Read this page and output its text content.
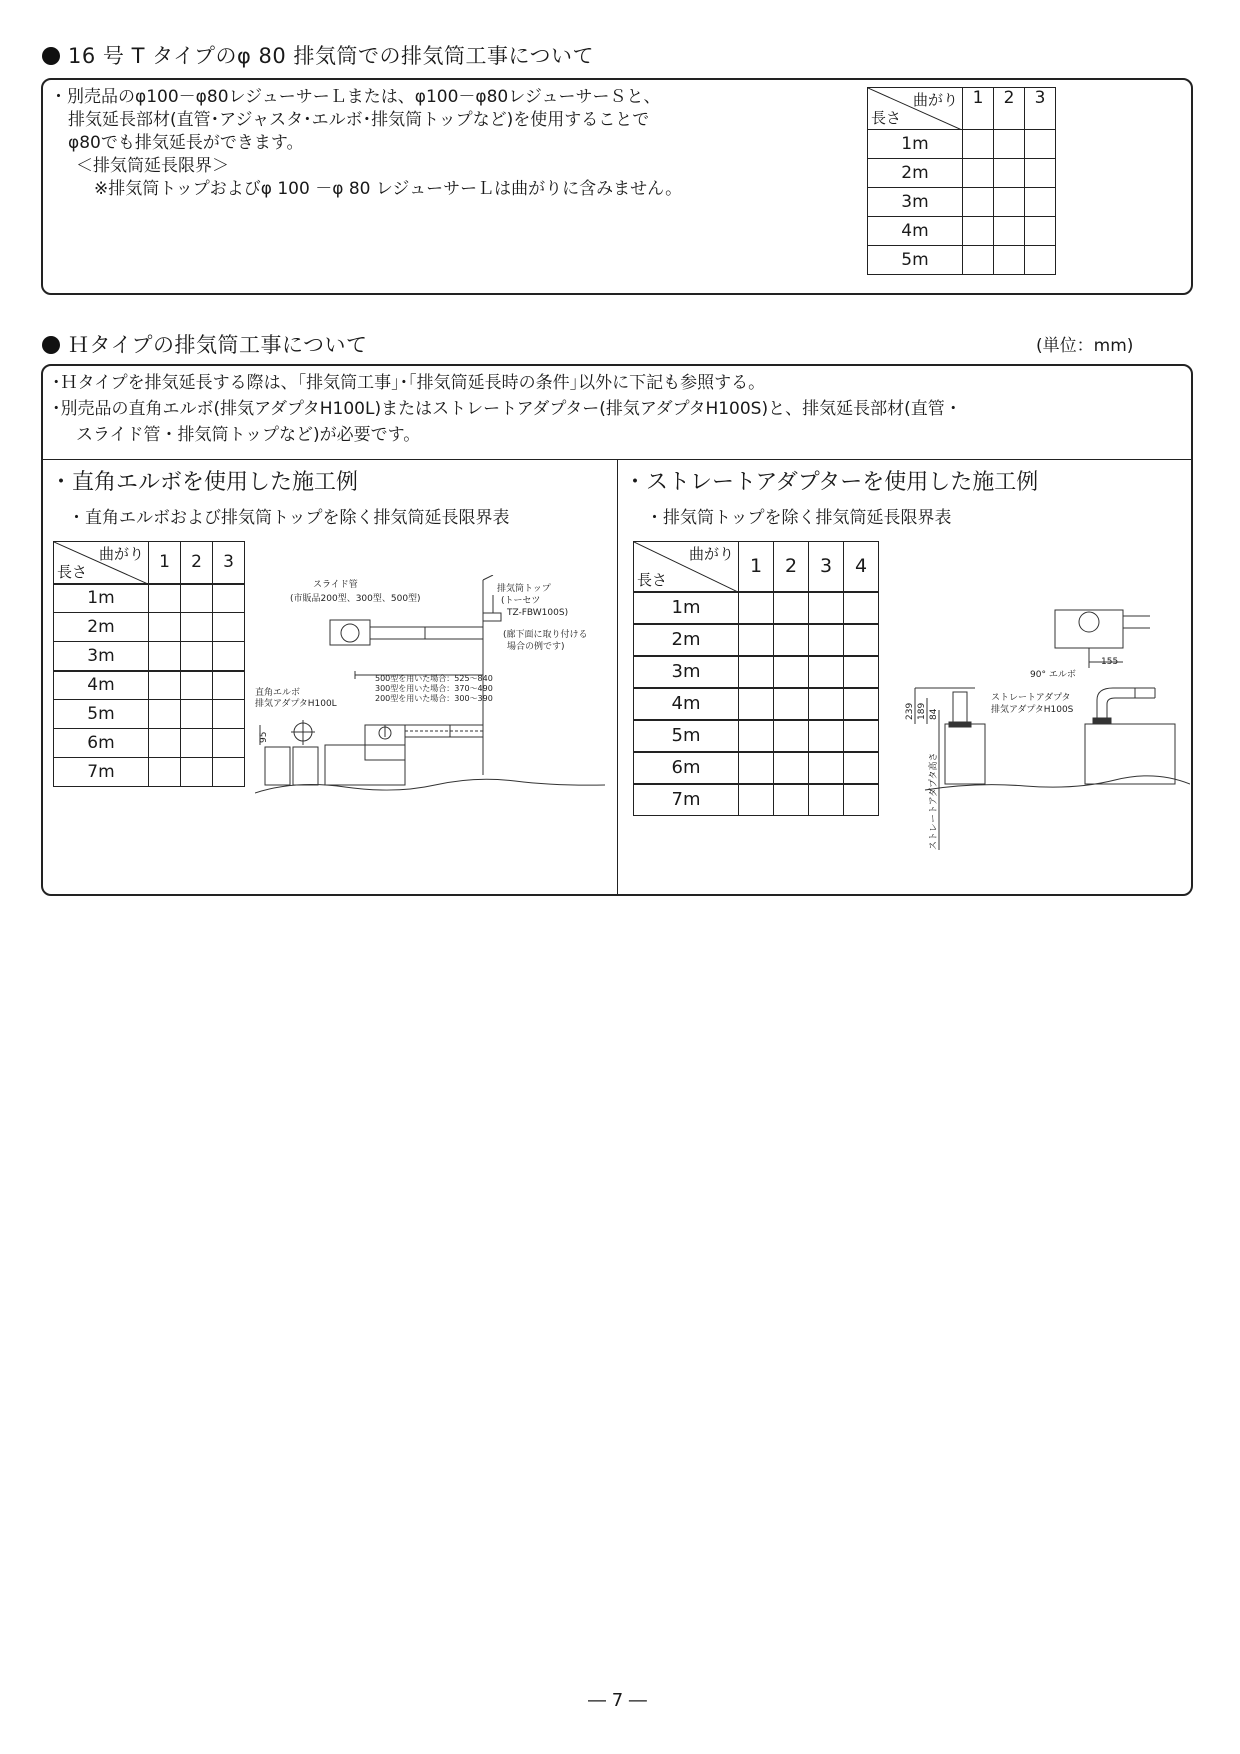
16 号 T タイプのφ 80 排気筒での排気筒工事について
・別売品のφ100－φ80レジューサーＬまたは、φ100－φ80レジューサーＳと、
排気延長部材(直管･アジャスタ･エルボ･排気筒トップなど)を使用することで
φ80でも排気延長ができます。
＜排気筒延長限界＞
※排気筒トップおよびφ 100 －φ 80 レジューサーＬは曲がりに含みません。
曲がり
長さ	1	2	3
1m			
2m			
3m			
4m			
5m			
Ｈタイプの排気筒工事について	(単位：mm)
･Ｈタイプを排気延長する際は、｢排気筒工事｣･｢排気筒延長時の条件｣以外に下記も参照する。
･別売品の直角エルボ(排気アダプタH100L)またはストレートアダプター(排気アダプタH100S)と、排気延長部材(直管・
スライド管・排気筒トップなど)が必要です。
・直角エルボを使用した施工例
・直角エルボおよび排気筒トップを除く排気筒延長限界表
曲がり
長さ	1	2	3
1m			
2m			
3m			
4m			
5m			
6m			
7m			
スライド管
(市販品200型、300型、500型)
排気筒トップ
(トーセツ
TZ-FBW100S)
(廊下面に取り付ける
場合の例です)
500型を用いた場合：525～840
300型を用いた場合：370～490
200型を用いた場合：300～390
直角エルボ
排気アダプタH100L
95
・ストレートアダプターを使用した施工例
・排気筒トップを除く排気筒延長限界表
曲がり
長さ	1	2	3	4
1m				
2m				
3m				
4m				
5m				
6m				
7m				
155
90° エルボ
ストレートアダプタ
排気アダプタH100S
239 189 84
ストレートアダプタ高さ
― 7 ―
